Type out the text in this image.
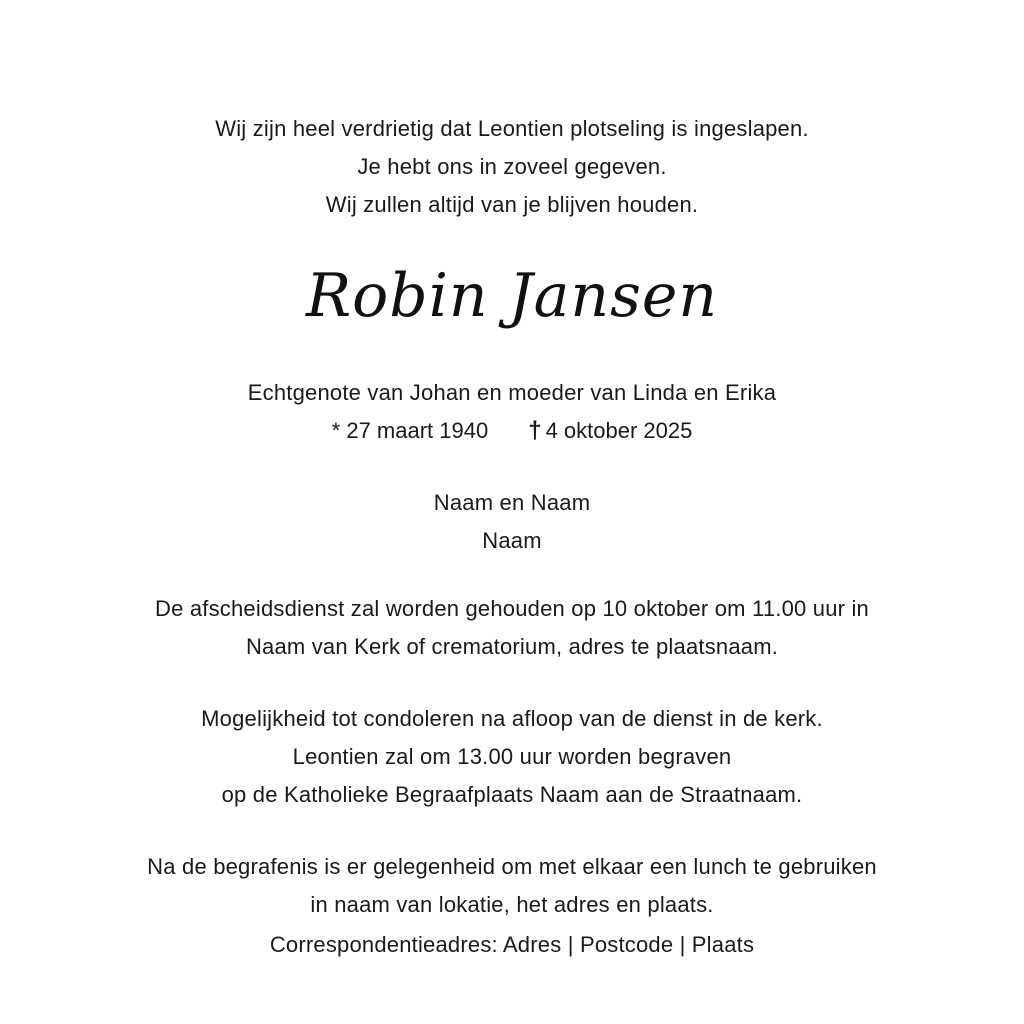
Wij zijn heel verdrietig dat Leontien plotseling is ingeslapen.
Je hebt ons in zoveel gegeven.
Wij zullen altijd van je blijven houden.
Robin Jansen
Echtgenote van Johan en moeder van Linda en Erika
* 27 maart 1940 † 4 oktober 2025
Naam en Naam
Naam
De afscheidsdienst zal worden gehouden op 10 oktober om 11.00 uur in
Naam van Kerk of crematorium, adres te plaatsnaam.
Mogelijkheid tot condoleren na afloop van de dienst in de kerk.
Leontien zal om 13.00 uur worden begraven
op de Katholieke Begraafplaats Naam aan de Straatnaam.
Na de begrafenis is er gelegenheid om met elkaar een lunch te gebruiken
in naam van lokatie, het adres en plaats.
Correspondentieadres: Adres | Postcode | Plaats
